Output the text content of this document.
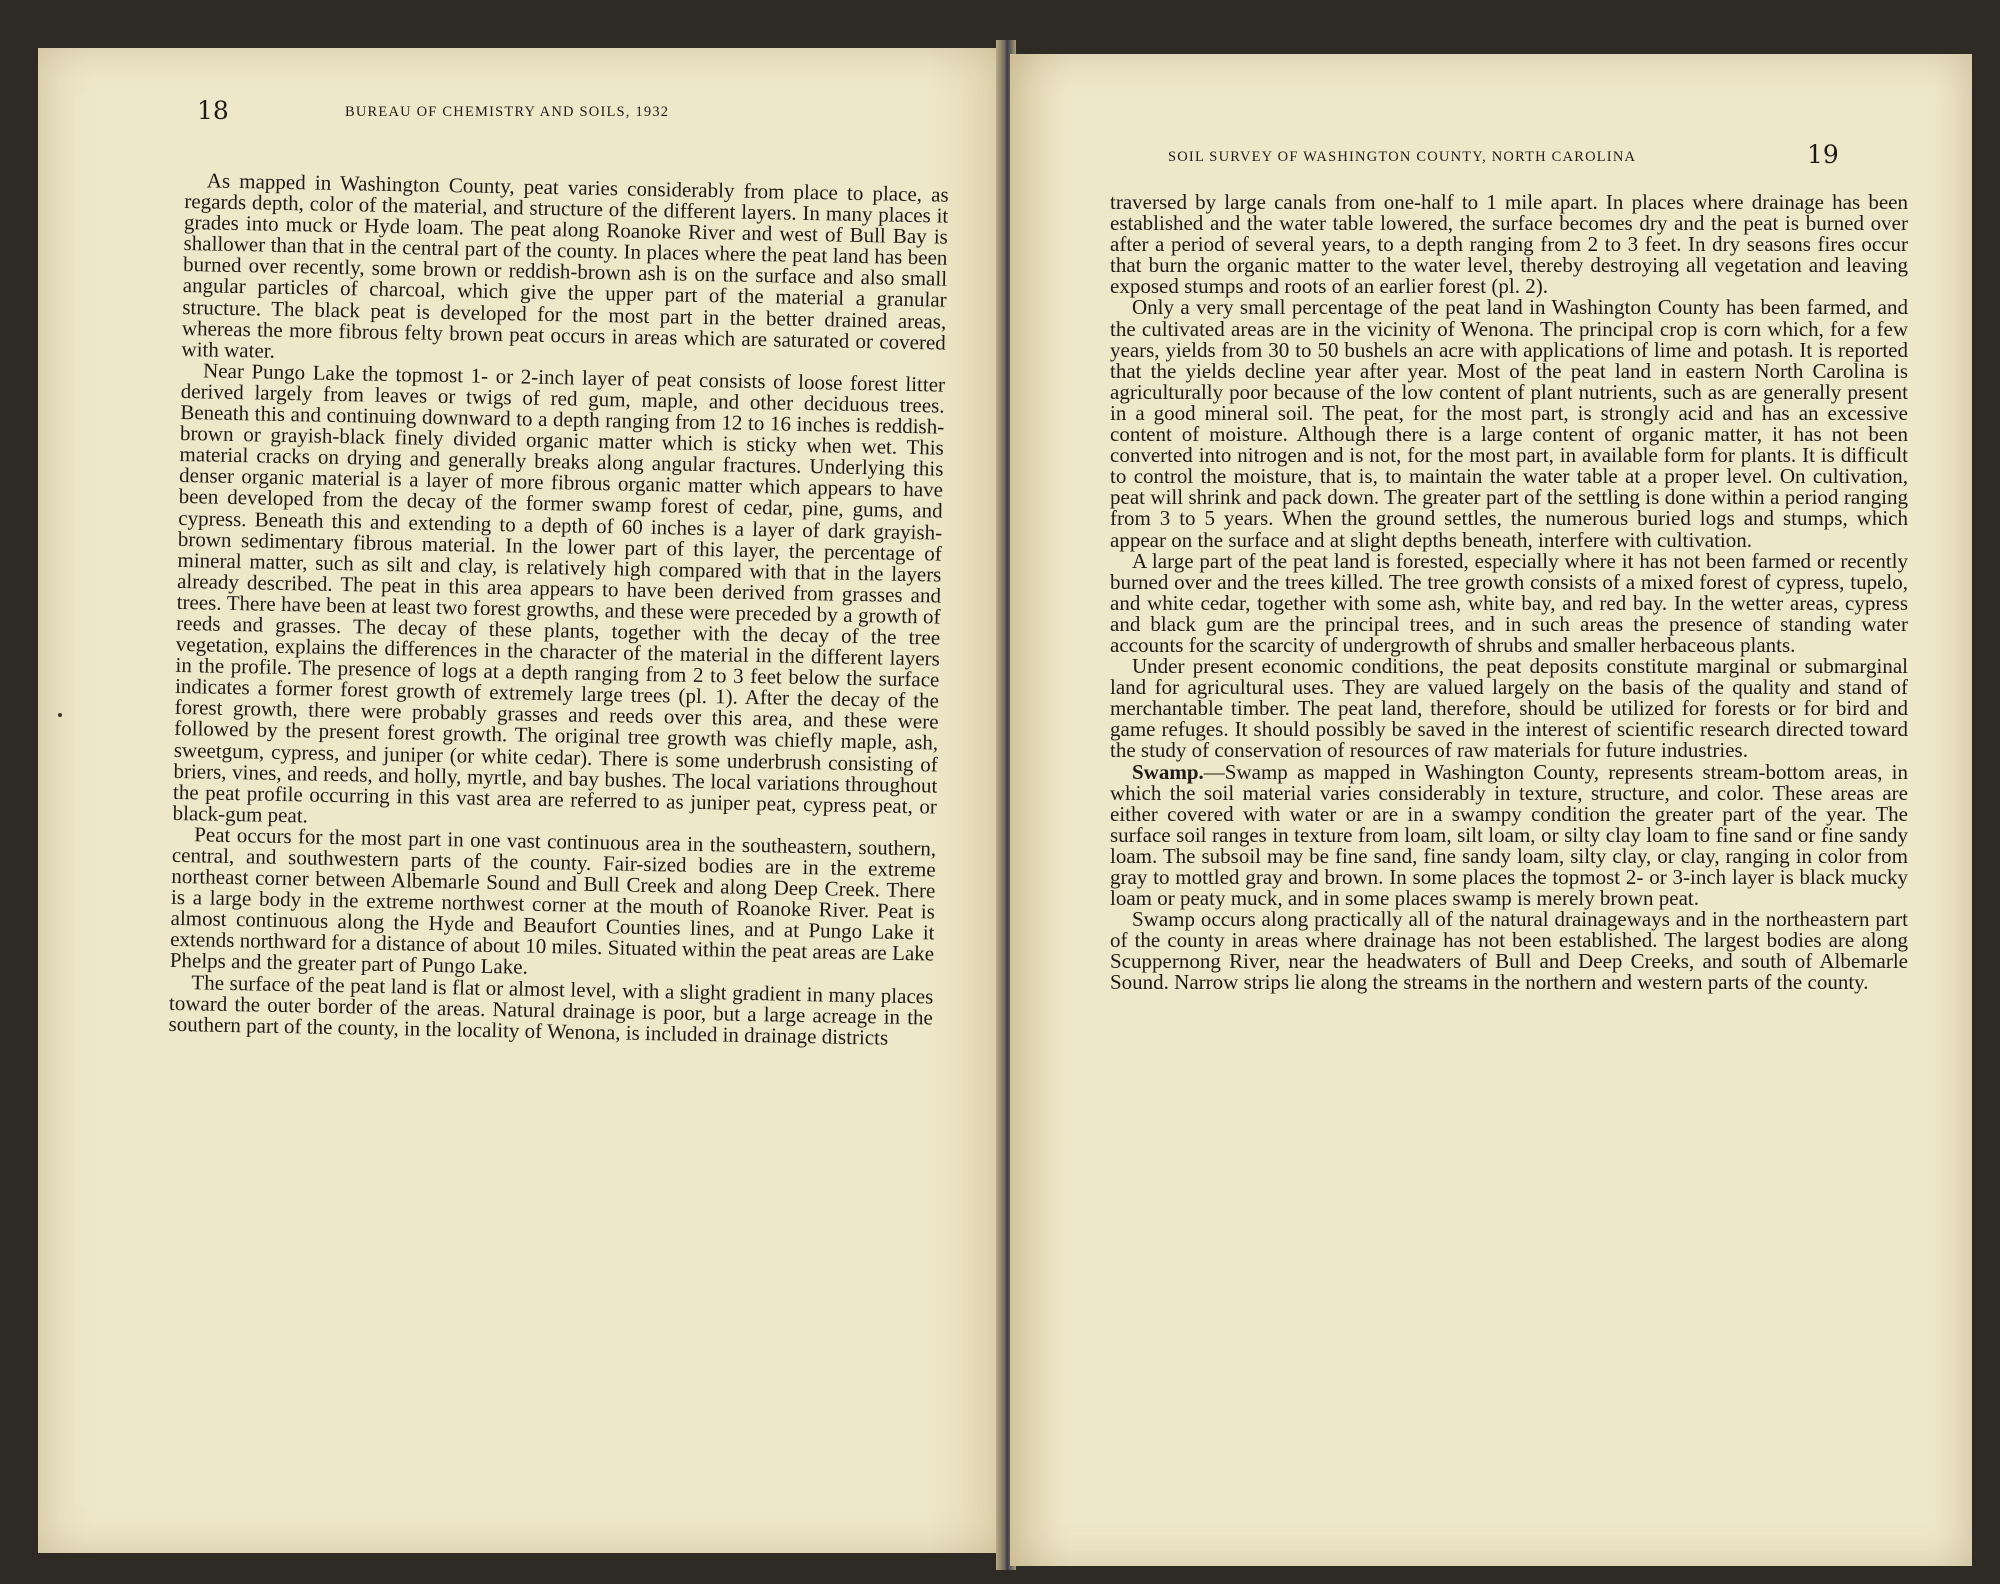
18	BUREAU OF CHEMISTRY AND SOILS, 1932

As mapped in Washington County, peat varies considerably from place to place, as regards depth, color of the material, and structure of the different layers. In many places it grades into muck or Hyde loam. The peat along Roanoke River and west of Bull Bay is shallower than that in the central part of the county. In places where the peat land has been burned over recently, some brown or reddish-brown ash is on the surface and also small angular particles of charcoal, which give the upper part of the material a granular structure. The black peat is developed for the most part in the better drained areas, whereas the more fibrous felty brown peat occurs in areas which are saturated or covered with water.

Near Pungo Lake the topmost 1- or 2-inch layer of peat consists of loose forest litter derived largely from leaves or twigs of red gum, maple, and other deciduous trees. Beneath this and continuing downward to a depth ranging from 12 to 16 inches is reddish-brown or grayish-black finely divided organic matter which is sticky when wet. This material cracks on drying and generally breaks along angular fractures. Underlying this denser organic material is a layer of more fibrous organic matter which appears to have been developed from the decay of the former swamp forest of cedar, pine, gums, and cypress. Beneath this and extending to a depth of 60 inches is a layer of dark grayish-brown sedimentary fibrous material. In the lower part of this layer, the percentage of mineral matter, such as silt and clay, is relatively high compared with that in the layers already described. The peat in this area appears to have been derived from grasses and trees. There have been at least two forest growths, and these were preceded by a growth of reeds and grasses. The decay of these plants, together with the decay of the tree vegetation, explains the differences in the character of the material in the different layers in the profile. The presence of logs at a depth ranging from 2 to 3 feet below the surface indicates a former forest growth of extremely large trees (pl. 1). After the decay of the forest growth, there were probably grasses and reeds over this area, and these were followed by the present forest growth. The original tree growth was chiefly maple, ash, sweetgum, cypress, and juniper (or white cedar). There is some underbrush consisting of briers, vines, and reeds, and holly, myrtle, and bay bushes. The local variations throughout the peat profile occurring in this vast area are referred to as juniper peat, cypress peat, or black-gum peat.

Peat occurs for the most part in one vast continuous area in the southeastern, southern, central, and southwestern parts of the county. Fair-sized bodies are in the extreme northeast corner between Albemarle Sound and Bull Creek and along Deep Creek. There is a large body in the extreme northwest corner at the mouth of Roanoke River. Peat is almost continuous along the Hyde and Beaufort Counties lines, and at Pungo Lake it extends northward for a distance of about 10 miles. Situated within the peat areas are Lake Phelps and the greater part of Pungo Lake.

The surface of the peat land is flat or almost level, with a slight gradient in many places toward the outer border of the areas. Natural drainage is poor, but a large acreage in the southern part of the county, in the locality of Wenona, is included in drainage districts

SOIL SURVEY OF WASHINGTON COUNTY, NORTH CAROLINA	19

traversed by large canals from one-half to 1 mile apart. In places where drainage has been established and the water table lowered, the surface becomes dry and the peat is burned over after a period of several years, to a depth ranging from 2 to 3 feet. In dry seasons fires occur that burn the organic matter to the water level, thereby destroying all vegetation and leaving exposed stumps and roots of an earlier forest (pl. 2).

Only a very small percentage of the peat land in Washington County has been farmed, and the cultivated areas are in the vicinity of Wenona. The principal crop is corn which, for a few years, yields from 30 to 50 bushels an acre with applications of lime and potash. It is reported that the yields decline year after year. Most of the peat land in eastern North Carolina is agriculturally poor because of the low content of plant nutrients, such as are generally present in a good mineral soil. The peat, for the most part, is strongly acid and has an excessive content of moisture. Although there is a large content of organic matter, it has not been converted into nitrogen and is not, for the most part, in available form for plants. It is difficult to control the moisture, that is, to maintain the water table at a proper level. On cultivation, peat will shrink and pack down. The greater part of the settling is done within a period ranging from 3 to 5 years. When the ground settles, the numerous buried logs and stumps, which appear on the surface and at slight depths beneath, interfere with cultivation.

A large part of the peat land is forested, especially where it has not been farmed or recently burned over and the trees killed. The tree growth consists of a mixed forest of cypress, tupelo, and white cedar, together with some ash, white bay, and red bay. In the wetter areas, cypress and black gum are the principal trees, and in such areas the presence of standing water accounts for the scarcity of undergrowth of shrubs and smaller herbaceous plants.

Under present economic conditions, the peat deposits constitute marginal or submarginal land for agricultural uses. They are valued largely on the basis of the quality and stand of merchantable timber. The peat land, therefore, should be utilized for forests or for bird and game refuges. It should possibly be saved in the interest of scientific research directed toward the study of conservation of resources of raw materials for future industries.

Swamp.—Swamp as mapped in Washington County, represents stream-bottom areas, in which the soil material varies considerably in texture, structure, and color. These areas are either covered with water or are in a swampy condition the greater part of the year. The surface soil ranges in texture from loam, silt loam, or silty clay loam to fine sand or fine sandy loam. The subsoil may be fine sand, fine sandy loam, silty clay, or clay, ranging in color from gray to mottled gray and brown. In some places the topmost 2- or 3-inch layer is black mucky loam or peaty muck, and in some places swamp is merely brown peat.

Swamp occurs along practically all of the natural drainageways and in the northeastern part of the county in areas where drainage has not been established. The largest bodies are along Scuppernong River, near the headwaters of Bull and Deep Creeks, and south of Albemarle Sound. Narrow strips lie along the streams in the northern and western parts of the county.
